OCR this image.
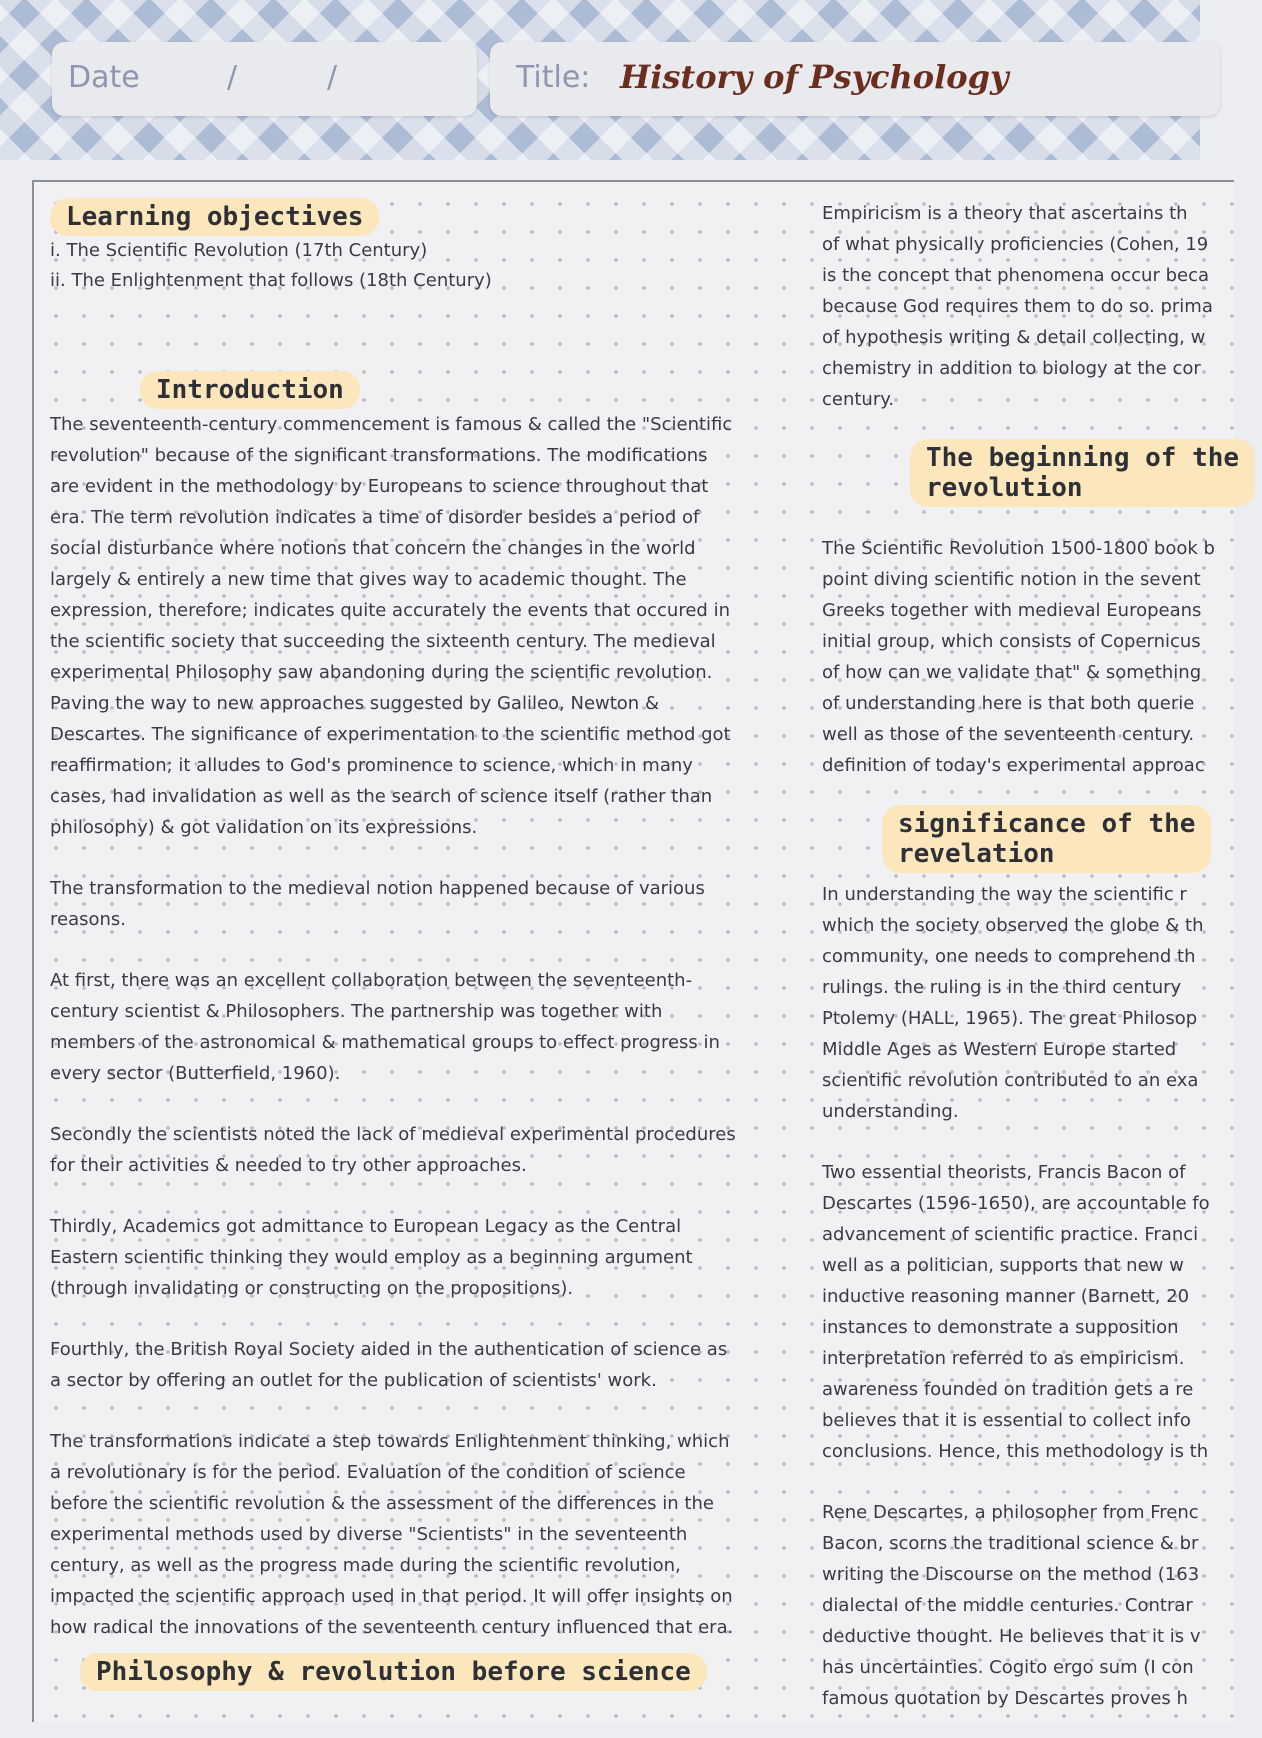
Date	/	/	Title: History of Psychology
Learning objectives
i. The Scientific Revolution (17th Century)
ii. The Enlightenment that follows (18th Century)
Introduction

The seventeenth-century commencement is famous & called the "Scientific revolution" because of the significant transformations. The modifications are evident in the methodology by Europeans to science throughout that era. The term revolution indicates a time of disorder besides a period of social disturbance where notions that concern the changes in the world largely & entirely a new time that gives way to academic thought. The expression, therefore; indicates quite accurately the events that occured in the scientific society that succeeding the sixteenth century. The medieval experimental Philosophy saw abandoning during the scientific revolution. Paving the way to new approaches suggested by Galileo, Newton & Descartes. The significance of experimentation to the scientific method got reaffirmation; it alludes to God's prominence to science, which in many cases, had invalidation as well as the search of science itself (rather than philosophy) & got validation on its expressions.

The transformation to the medieval notion happened because of various reasons.

At first, there was an excellent collaboration between the seventeenth-century scientist & Philosophers. The partnership was together with members of the astronomical & mathematical groups to effect progress in every sector (Butterfield, 1960).

Secondly the scientists noted the lack of medieval experimental procedures for their activities & needed to try other approaches.

Thirdly, Academics got admittance to European Legacy as the Central Eastern scientific thinking they would employ as a beginning argument (through invalidating or constructing on the propositions).

Fourthly, the British Royal Society aided in the authentication of science as a sector by offering an outlet for the publication of scientists' work.

The transformations indicate a step towards Enlightenment thinking, which a revolutionary is for the period. Evaluation of the condition of science before the scientific revolution & the assessment of the differences in the experimental methods used by diverse "Scientists" in the seventeenth century, as well as the progress made during the scientific revolution, impacted the scientific approach used in that period. It will offer insights on how radical the innovations of the seventeenth century influenced that era.

Philosophy & revolution before science
Empiricism is a theory that ascertains th
of what physically proficiencies (Cohen, 19
is the concept that phenomena occur beca
because God requires them to do so. prima
of hypothesis writing & detail collecting, w
chemistry in addition to biology at the cor
century.
The beginning of the
revolution
The Scientific Revolution 1500-1800 book b
point diving scientific notion in the sevent
Greeks together with medieval Europeans
initial group, which consists of Copernicus
of how can we validate that" & something
of understanding here is that both querie
well as those of the seventeenth century.
definition of today's experimental approac
significance of the
revelation
In understanding the way the scientific r
which the society observed the globe & th
community, one needs to comprehend th
rulings. the ruling is in the third century
Ptolemy (HALL, 1965). The great Philosop
Middle Ages as Western Europe started
scientific revolution contributed to an exa
understanding.
Two essential theorists, Francis Bacon of
Descartes (1596-1650), are accountable fo
advancement of scientific practice. Franci
well as a politician, supports that new w
inductive reasoning manner (Barnett, 20
instances to demonstrate a supposition
interpretation referred to as empiricism.
awareness founded on tradition gets a re
believes that it is essential to collect info
conclusions. Hence, this methodology is th
Rene Descartes, a philosopher from Frenc
Bacon, scorns the traditional science & br
writing the Discourse on the method (163
dialectal of the middle centuries. Contrar
deductive thought. He believes that it is v
has uncertainties. Cogito ergo sum (I con
famous quotation by Descartes proves h
